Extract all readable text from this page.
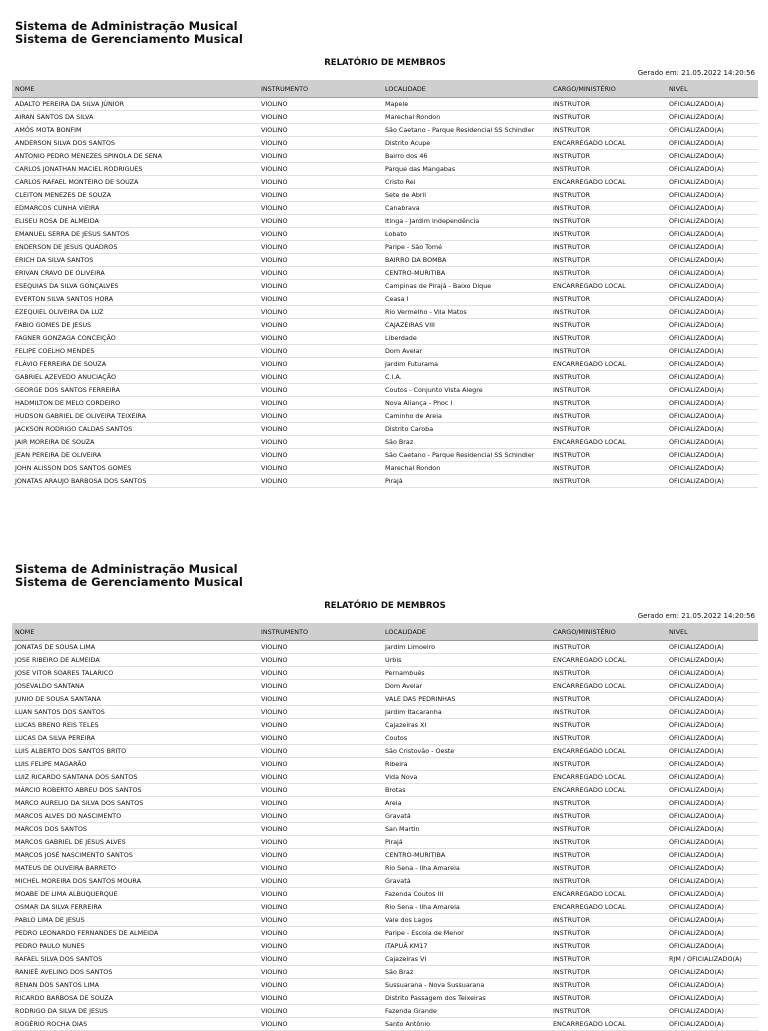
Sistema de Administração Musical
Sistema de Gerenciamento Musical
RELATÓRIO DE MEMBROS
Gerado em: 21.05.2022 14:20:56
NOME	INSTRUMENTO	LOCALIDADE	CARGO/MINISTÉRIO	NIVEL
ADALTO PEREIRA DA SILVA JÚNIOR	VIOLINO	Mapele	INSTRUTOR	OFICIALIZADO(A)
AIRAN SANTOS DA SILVA	VIOLINO	Marechal Rondon	INSTRUTOR	OFICIALIZADO(A)
AMÓS MOTA BONFIM	VIOLINO	São Caetano - Parque Residencial SS Schindler	INSTRUTOR	OFICIALIZADO(A)
ANDERSON SILVA DOS SANTOS	VIOLINO	Distrito Acupe	ENCARREGADO LOCAL	OFICIALIZADO(A)
ANTONIO PEDRO MENEZES SPINOLA DE SENA	VIOLINO	Bairro dos 46	INSTRUTOR	OFICIALIZADO(A)
CARLOS JONATHAN MACIEL RODRIGUES	VIOLINO	Parque das Mangabas	INSTRUTOR	OFICIALIZADO(A)
CARLOS RAFAEL MONTEIRO DE SOUZA	VIOLINO	Cristo Rei	ENCARREGADO LOCAL	OFICIALIZADO(A)
CLEITON MENEZES DE SOUZA	VIOLINO	Sete de Abril	INSTRUTOR	OFICIALIZADO(A)
EDMARCOS CUNHA VIEIRA	VIOLINO	Canabrava	INSTRUTOR	OFICIALIZADO(A)
ELISEU ROSA DE ALMEIDA	VIOLINO	Itinga - Jardim Independência	INSTRUTOR	OFICIALIZADO(A)
EMANUEL SERRA DE JESUS SANTOS	VIOLINO	Lobato	INSTRUTOR	OFICIALIZADO(A)
ENDERSON DE JESUS QUADROS	VIOLINO	Paripe - São Tomé	INSTRUTOR	OFICIALIZADO(A)
ERICH DA SILVA SANTOS	VIOLINO	BAIRRO DA BOMBA	INSTRUTOR	OFICIALIZADO(A)
ERIVAN CRAVO DE OLIVEIRA	VIOLINO	CENTRO-MURITIBA	INSTRUTOR	OFICIALIZADO(A)
ESEQUIAS DA SILVA GONÇALVES	VIOLINO	Campinas de Pirajá - Baixo Dique	ENCARREGADO LOCAL	OFICIALIZADO(A)
EVERTON SILVA SANTOS HORA	VIOLINO	Ceasa I	INSTRUTOR	OFICIALIZADO(A)
EZEQUIEL OLIVEIRA DA LUZ	VIOLINO	Rio Vermelho - Vila Matos	INSTRUTOR	OFICIALIZADO(A)
FABIO GOMES DE JESUS	VIOLINO	CAJAZEIRAS VIII	INSTRUTOR	OFICIALIZADO(A)
FAGNER GONZAGA CONCEIÇÃO	VIOLINO	Liberdade	INSTRUTOR	OFICIALIZADO(A)
FELIPE COELHO MENDES	VIOLINO	Dom Avelar	INSTRUTOR	OFICIALIZADO(A)
FLÁVIO FERREIRA DE SOUZA	VIOLINO	Jardim Futurama	ENCARREGADO LOCAL	OFICIALIZADO(A)
GABRIEL AZEVEDO ANUCIAÇÃO	VIOLINO	C.I.A.	INSTRUTOR	OFICIALIZADO(A)
GEORGE DOS SANTOS FERREIRA	VIOLINO	Coutos - Conjunto Vista Alegre	INSTRUTOR	OFICIALIZADO(A)
HADMILTON DE MELO CORDEIRO	VIOLINO	Nova Aliança - Phoc I	INSTRUTOR	OFICIALIZADO(A)
HUDSON GABRIEL DE OLIVEIRA TEIXEIRA	VIOLINO	Caminho de Areia	INSTRUTOR	OFICIALIZADO(A)
JACKSON RODRIGO CALDAS SANTOS	VIOLINO	Distrito Caroba	INSTRUTOR	OFICIALIZADO(A)
JAIR MOREIRA DE SOUZA	VIOLINO	São Braz	ENCARREGADO LOCAL	OFICIALIZADO(A)
JEAN PEREIRA DE OLIVEIRA	VIOLINO	São Caetano - Parque Residencial SS Schindler	INSTRUTOR	OFICIALIZADO(A)
JOHN ALISSON DOS SANTOS GOMES	VIOLINO	Marechal Rondon	INSTRUTOR	OFICIALIZADO(A)
JONATAS ARAUJO BARBOSA DOS SANTOS	VIOLINO	Pirajá	INSTRUTOR	OFICIALIZADO(A)
Sistema de Administração Musical
Sistema de Gerenciamento Musical
RELATÓRIO DE MEMBROS
Gerado em: 21.05.2022 14:20:56
NOME	INSTRUMENTO	LOCALIDADE	CARGO/MINISTÉRIO	NIVEL
JONATAS DE SOUSA LIMA	VIOLINO	Jardim Limoeiro	INSTRUTOR	OFICIALIZADO(A)
JOSE RIBEIRO DE ALMEIDA	VIOLINO	Urbis	ENCARREGADO LOCAL	OFICIALIZADO(A)
JOSE VITOR SOARES TALARICO	VIOLINO	Pernambués	INSTRUTOR	OFICIALIZADO(A)
JOSEVALDO SANTANA	VIOLINO	Dom Avelar	ENCARREGADO LOCAL	OFICIALIZADO(A)
JUNIO DE SOUSA SANTANA	VIOLINO	VALE DAS PEDRINHAS	INSTRUTOR	OFICIALIZADO(A)
LUAN SANTOS DOS SANTOS	VIOLINO	Jardim Itacaranha	INSTRUTOR	OFICIALIZADO(A)
LUCAS BRENO REIS TELES	VIOLINO	Cajazeiras XI	INSTRUTOR	OFICIALIZADO(A)
LUCAS DA SILVA PEREIRA	VIOLINO	Coutos	INSTRUTOR	OFICIALIZADO(A)
LUIS ALBERTO DOS SANTOS BRITO	VIOLINO	São Cristovão - Oeste	ENCARREGADO LOCAL	OFICIALIZADO(A)
LUIS FELIPE MAGARÃO	VIOLINO	Ribeira	INSTRUTOR	OFICIALIZADO(A)
LUIZ RICARDO SANTANA DOS SANTOS	VIOLINO	Vida Nova	ENCARREGADO LOCAL	OFICIALIZADO(A)
MÁRCIO ROBERTO ABREU DOS SANTOS	VIOLINO	Brotas	ENCARREGADO LOCAL	OFICIALIZADO(A)
MARCO AURELIO DA SILVA DOS SANTOS	VIOLINO	Areia	INSTRUTOR	OFICIALIZADO(A)
MARCOS ALVES DO NASCIMENTO	VIOLINO	Gravatá	INSTRUTOR	OFICIALIZADO(A)
MARCOS DOS SANTOS	VIOLINO	San Martin	INSTRUTOR	OFICIALIZADO(A)
MARCOS GABRIEL DE JESUS ALVES	VIOLINO	Pirajá	INSTRUTOR	OFICIALIZADO(A)
MARCOS JOSÉ NASCIMENTO SANTOS	VIOLINO	CENTRO-MURITIBA	INSTRUTOR	OFICIALIZADO(A)
MATEUS DE OLIVEIRA BARRETO	VIOLINO	Rio Sena - Ilha Amarela	INSTRUTOR	OFICIALIZADO(A)
MICHEL MOREIRA DOS SANTOS MOURA	VIOLINO	Gravatá	INSTRUTOR	OFICIALIZADO(A)
MOABE DE LIMA ALBUQUERQUE	VIOLINO	Fazenda Coutos III	ENCARREGADO LOCAL	OFICIALIZADO(A)
OSMAR DA SILVA FERREIRA	VIOLINO	Rio Sena - Ilha Amarela	ENCARREGADO LOCAL	OFICIALIZADO(A)
PABLO LIMA DE JESUS	VIOLINO	Vale dos Lagos	INSTRUTOR	OFICIALIZADO(A)
PEDRO LEONARDO FERNANDES DE ALMEIDA	VIOLINO	Paripe - Escola de Menor	INSTRUTOR	OFICIALIZADO(A)
PEDRO PAULO NUNES	VIOLINO	ITAPUÃ KM17	INSTRUTOR	OFICIALIZADO(A)
RAFAEL SILVA DOS SANTOS	VIOLINO	Cajazeiras VI	INSTRUTOR	RJM / OFICIALIZADO(A)
RANIEÊ AVELINO DOS SANTOS	VIOLINO	São Braz	INSTRUTOR	OFICIALIZADO(A)
RENAN DOS SANTOS LIMA	VIOLINO	Sussuarana - Nova Sussuarana	INSTRUTOR	OFICIALIZADO(A)
RICARDO BARBOSA DE SOUZA	VIOLINO	Distrito Passagem dos Teixeiras	INSTRUTOR	OFICIALIZADO(A)
RODRIGO DA SILVA DE JESUS	VIOLINO	Fazenda Grande	INSTRUTOR	OFICIALIZADO(A)
ROGÉRIO ROCHA DIAS	VIOLINO	Santo Antônio	ENCARREGADO LOCAL	OFICIALIZADO(A)
